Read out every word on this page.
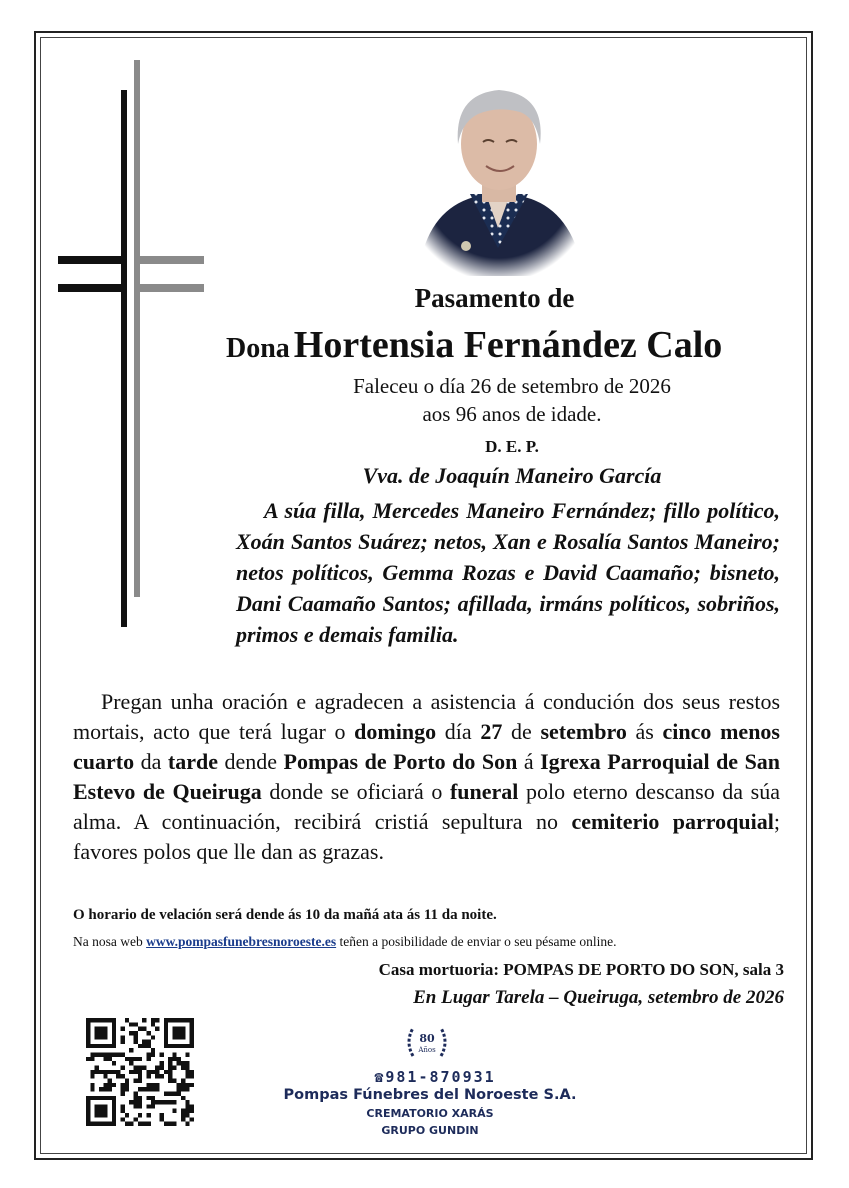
Pasamento de
Dona Hortensia Fernández Calo
Faleceu o día 26 de setembro de 2026
aos 96 anos de idade.
D. E. P.
Vva. de Joaquín Maneiro García
A súa filla, Mercedes Maneiro Fernández; fillo político, Xoán Santos Suárez; netos, Xan e Rosalía Santos Maneiro; netos políticos, Gemma Rozas e David Caamaño; bisneto, Dani Caamaño Santos; afillada, irmáns políticos, sobriños, primos e demais familia.
Pregan unha oración e agradecen a asistencia á condución dos seus restos mortais, acto que terá lugar o domingo día 27 de setembro ás cinco menos cuarto da tarde dende Pompas de Porto do Son á Igrexa Parroquial de San Estevo de Queiruga donde se oficiará o funeral polo eterno descanso da súa alma. A continuación, recibirá cristiá sepultura no cemiterio parroquial; favores polos que lle dan as grazas.
O horario de velación será dende ás 10 da mañá ata ás 11 da noite.
Na nosa web www.pompasfunebresnoroeste.es teñen a posibilidade de enviar o seu pésame online.
Casa mortuoria: POMPAS DE PORTO DO SON, sala 3
En Lugar Tarela – Queiruga, setembro de 2026
80
Años
☎981-870931
Pompas Fúnebres del Noroeste S.A.
CREMATORIO XARÁS
GRUPO GUNDIN
